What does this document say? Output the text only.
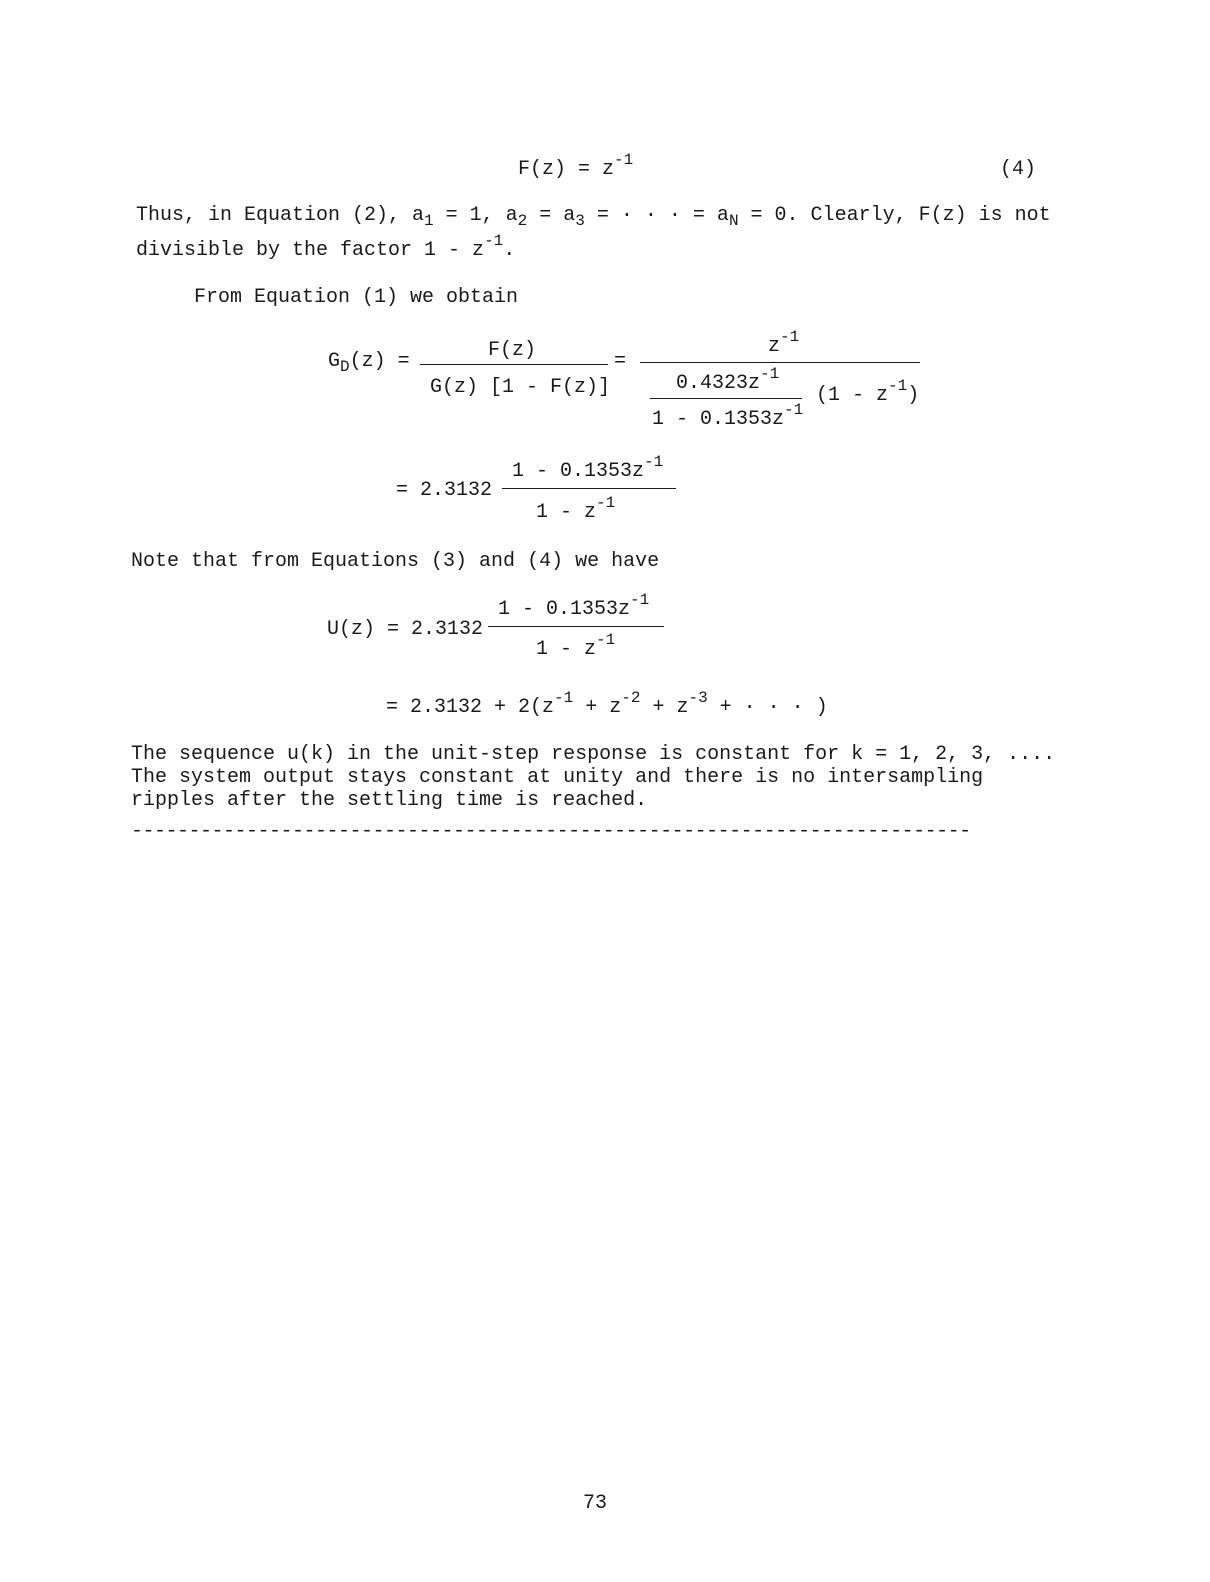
$F(z) = z^{-1}$	(4)
Thus, in Equation (2), $a_1 = 1$, $a_2 = a_3$ = · · · = $a_N = 0$. Clearly, F(z) is not
divisible by the factor $1 - z^{-1}$.
From Equation (1) we obtain
$G_D(z)$ =	F(z)
G(z) [1 - F(z)]
=
$z^{-1}$
$0.4323z^{-1}$
$1 - 0.1353z^{-1}$
$(1 - z^{-1})$
= 2.3132
$1 - 0.1353z^{-1}$
$1 - z^{-1}$
Note that from Equations (3) and (4) we have
U(z) = 2.3132
$1 - 0.1353z^{-1}$
$1 - z^{-1}$
= $2.3132 + 2(z^{-1} + z^{-2} + z^{-3}$ + · · · )
The sequence u(k) in the unit-step response is constant for k = 1, 2, 3, ....
The system output stays constant at unity and there is no intersampling
ripples after the settling time is reached.
-------------------------------------------------------------------------
73
